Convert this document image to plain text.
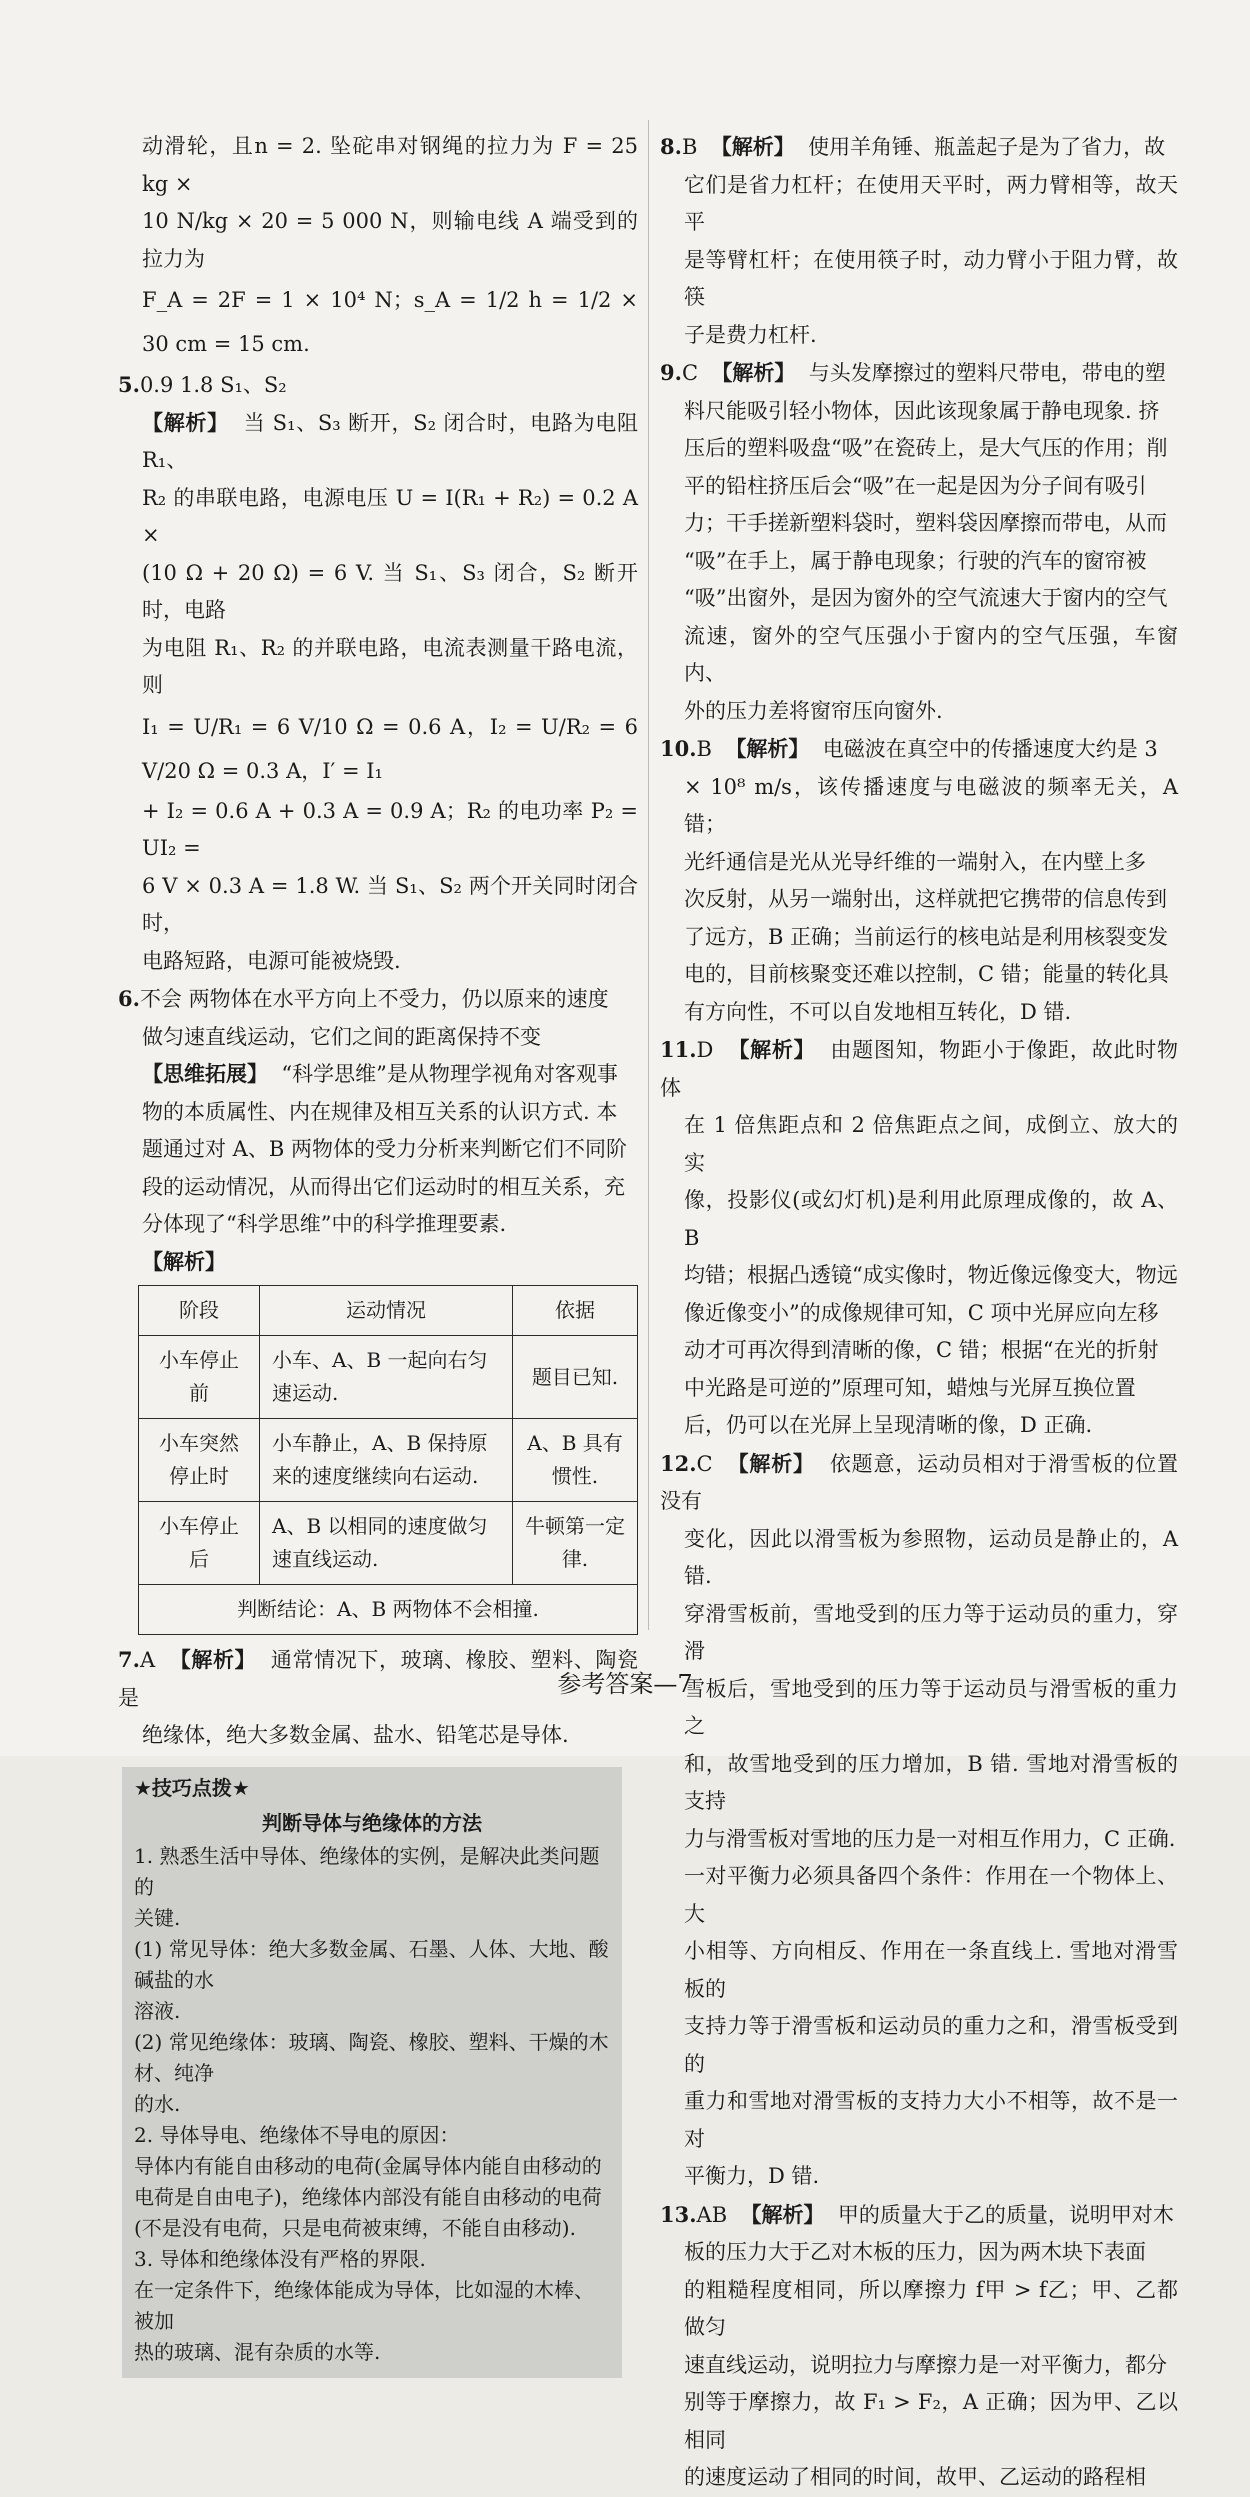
动滑轮，且n = 2. 坠砣串对钢绳的拉力为 F = 25 kg ×

10 N/kg × 20 = 5 000 N，则输电线 A 端受到的拉力为

F_A = 2F = 1 × 10⁴ N；s_A = 1/2 h = 1/2 × 30 cm = 15 cm.

5.0.9 1.8 S₁、S₂

【解析】 当 S₁、S₃ 断开，S₂ 闭合时，电路为电阻 R₁、

R₂ 的串联电路，电源电压 U = I(R₁ + R₂) = 0.2 A ×

(10 Ω + 20 Ω) = 6 V. 当 S₁、S₃ 闭合，S₂ 断开时，电路

为电阻 R₁、R₂ 的并联电路，电流表测量干路电流，则

I₁ = U/R₁ = 6 V/10 Ω = 0.6 A，I₂ = U/R₂ = 6 V/20 Ω = 0.3 A，I′ = I₁

+ I₂ = 0.6 A + 0.3 A = 0.9 A；R₂ 的电功率 P₂ = UI₂ =

6 V × 0.3 A = 1.8 W. 当 S₁、S₂ 两个开关同时闭合时，

电路短路，电源可能被烧毁.

6.不会 两物体在水平方向上不受力，仍以原来的速度

做匀速直线运动，它们之间的距离保持不变

【思维拓展】 “科学思维”是从物理学视角对客观事

物的本质属性、内在规律及相互关系的认识方式. 本

题通过对 A、B 两物体的受力分析来判断它们不同阶

段的运动情况，从而得出它们运动时的相互关系，充

分体现了“科学思维”中的科学推理要素.

【解析】

阶段	运动情况	依据
小车停止前	小车、A、B 一起向右匀速运动.	题目已知.
小车突然停止时	小车静止，A、B 保持原来的速度继续向右运动.	A、B 具有惯性.
小车停止后	A、B 以相同的速度做匀速直线运动.	牛顿第一定律.
判断结论：A、B 两物体不会相撞.		

7.A 【解析】 通常情况下，玻璃、橡胶、塑料、陶瓷是

绝缘体，绝大多数金属、盐水、铅笔芯是导体.

★技巧点拨★
判断导体与绝缘体的方法

1. 熟悉生活中导体、绝缘体的实例，是解决此类问题的

关键.

(1) 常见导体：绝大多数金属、石墨、人体、大地、酸碱盐的水

溶液.

(2) 常见绝缘体：玻璃、陶瓷、橡胶、塑料、干燥的木材、纯净

的水.

2. 导体导电、绝缘体不导电的原因：

导体内有能自由移动的电荷(金属导体内能自由移动的

电荷是自由电子)，绝缘体内部没有能自由移动的电荷

(不是没有电荷，只是电荷被束缚，不能自由移动).

3. 导体和绝缘体没有严格的界限.

在一定条件下，绝缘体能成为导体，比如湿的木棒、被加

热的玻璃、混有杂质的水等.

8.B 【解析】 使用羊角锤、瓶盖起子是为了省力，故

它们是省力杠杆；在使用天平时，两力臂相等，故天平

是等臂杠杆；在使用筷子时，动力臂小于阻力臂，故筷

子是费力杠杆.

9.C 【解析】 与头发摩擦过的塑料尺带电，带电的塑

料尺能吸引轻小物体，因此该现象属于静电现象. 挤

压后的塑料吸盘“吸”在瓷砖上，是大气压的作用；削

平的铅柱挤压后会“吸”在一起是因为分子间有吸引

力；干手搓新塑料袋时，塑料袋因摩擦而带电，从而

“吸”在手上，属于静电现象；行驶的汽车的窗帘被

“吸”出窗外，是因为窗外的空气流速大于窗内的空气

流速，窗外的空气压强小于窗内的空气压强，车窗内、

外的压力差将窗帘压向窗外.

10.B 【解析】 电磁波在真空中的传播速度大约是 3

× 10⁸ m/s，该传播速度与电磁波的频率无关，A 错；

光纤通信是光从光导纤维的一端射入，在内壁上多

次反射，从另一端射出，这样就把它携带的信息传到

了远方，B 正确；当前运行的核电站是利用核裂变发

电的，目前核聚变还难以控制，C 错；能量的转化具

有方向性，不可以自发地相互转化，D 错.

11.D 【解析】 由题图知，物距小于像距，故此时物体

在 1 倍焦距点和 2 倍焦距点之间，成倒立、放大的实

像，投影仪(或幻灯机)是利用此原理成像的，故 A、B

均错；根据凸透镜“成实像时，物近像远像变大，物远

像近像变小”的成像规律可知，C 项中光屏应向左移

动才可再次得到清晰的像，C 错；根据“在光的折射

中光路是可逆的”原理可知，蜡烛与光屏互换位置

后，仍可以在光屏上呈现清晰的像，D 正确.

12.C 【解析】 依题意，运动员相对于滑雪板的位置没有

变化，因此以滑雪板为参照物，运动员是静止的，A 错.

穿滑雪板前，雪地受到的压力等于运动员的重力，穿滑

雪板后，雪地受到的压力等于运动员与滑雪板的重力之

和，故雪地受到的压力增加，B 错. 雪地对滑雪板的支持

力与滑雪板对雪地的压力是一对相互作用力，C 正确.

一对平衡力必须具备四个条件：作用在一个物体上、大

小相等、方向相反、作用在一条直线上. 雪地对滑雪板的

支持力等于滑雪板和运动员的重力之和，滑雪板受到的

重力和雪地对滑雪板的支持力大小不相等，故不是一对

平衡力，D 错.

13.AB 【解析】 甲的质量大于乙的质量，说明甲对木

板的压力大于乙对木板的压力，因为两木块下表面

的粗糙程度相同，所以摩擦力 f甲 > f乙；甲、乙都做匀

速直线运动，说明拉力与摩擦力是一对平衡力，都分

别等于摩擦力，故 F₁ > F₂，A 正确；因为甲、乙以相同

的速度运动了相同的时间，故甲、乙运动的路程相

参考答案—7
